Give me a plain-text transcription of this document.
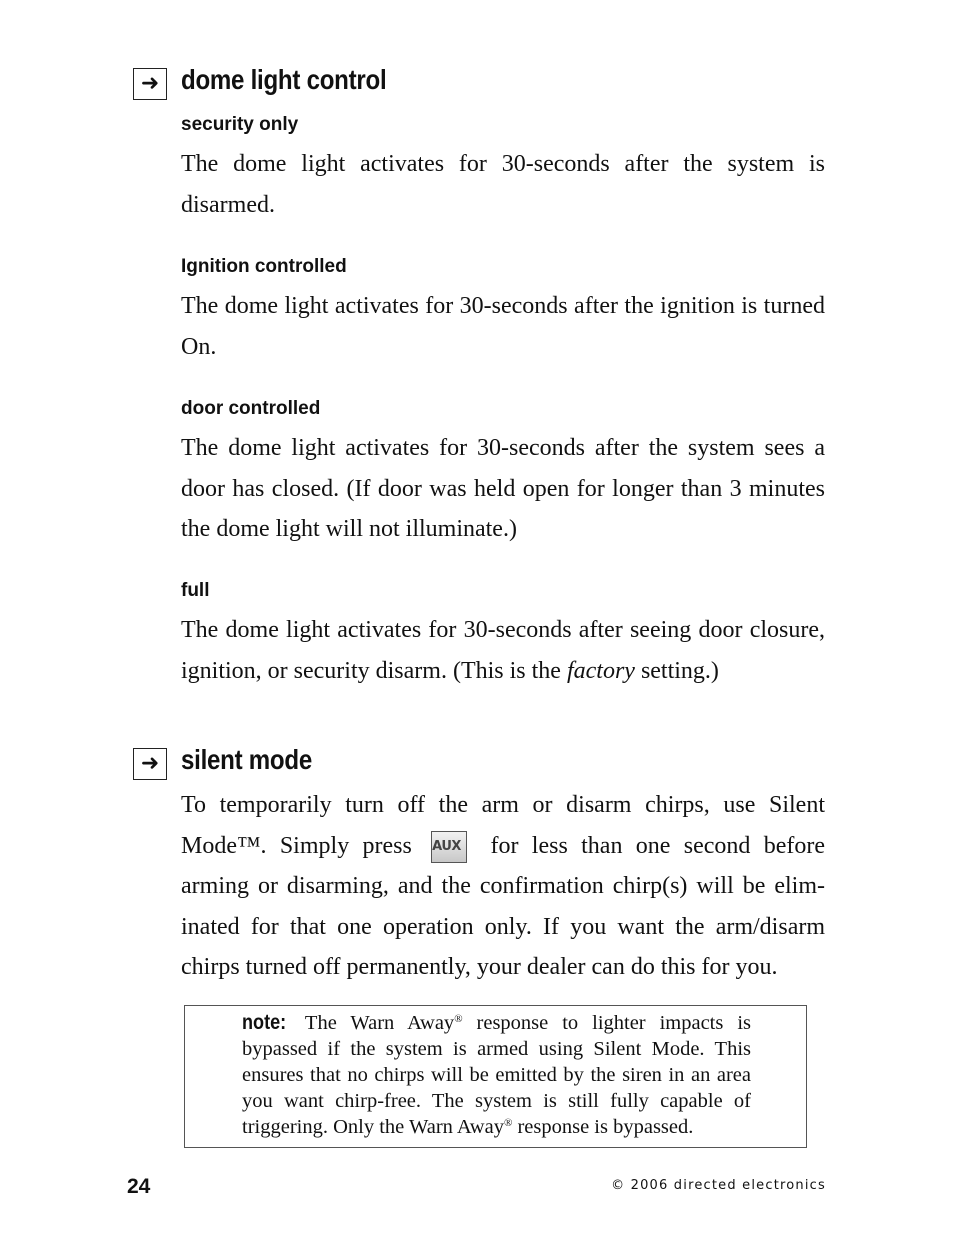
➜ dome light control
security only

The dome light activates for 30-seconds after the system is disarmed.

Ignition controlled

The dome light activates for 30-seconds after the ignition is turned On.

door controlled

The dome light activates for 30-seconds after the system sees a door has closed. (If door was held open for longer than 3 minutes the dome light will not illuminate.)

full

The dome light activates for 30-seconds after seeing door closure, ignition, or security disarm. (This is the factory setting.)

➜ silent mode

To temporarily turn off the arm or disarm chirps, use Silent Mode™. Simply press AUX for less than one second before arming or disarming, and the confirmation chirp(s) will be elim-inated for that one operation only. If you want the arm/disarm chirps turned off permanently, your dealer can do this for you.

note: The Warn Away® response to lighter impacts is bypassed if the system is armed using Silent Mode. This ensures that no chirps will be emitted by the siren in an area you want chirp-free. The system is still fully capable of triggering. Only the Warn Away® response is bypassed.

24	© 2006 directed electronics
